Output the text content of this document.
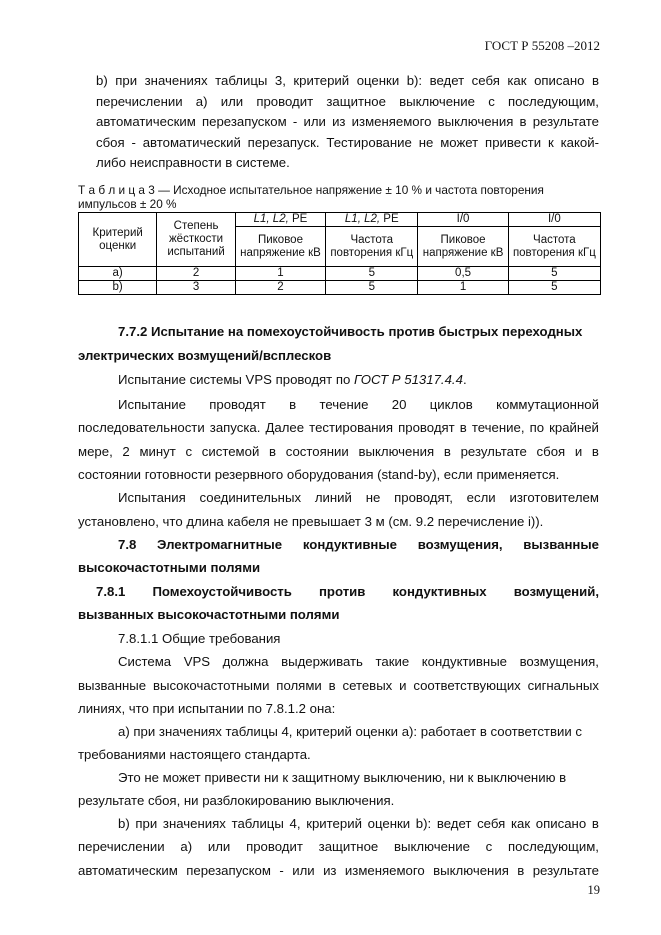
ГОСТ Р 55208 –2012
b) при значениях таблицы 3, критерий оценки b): ведет себя как описано в
перечислении а) или проводит защитное выключение с последующим,
автоматическим перезапуском - или из изменяемого выключения в результате
сбоя - автоматический перезапуск. Тестирование не может привести к какой-
либо неисправности в системе.
Т а б л и ц а 3 — Исходное испытательное напряжение ± 10 % и частота повторения
импульсов ± 20 %
Критерий оценки	Степень жёсткости испытаний	L1, L2, PE	L1, L2, PE	I/0	I/0
		Пиковое напряжение кВ	Частота повторения кГц	Пиковое напряжение кВ	Частота повторения кГц
а)	2	1	5	0,5	5
b)	3	2	5	1	5
7.7.2 Испытание на помехоустойчивость против быстрых переходных
электрических возмущений/всплесков
Испытание системы VPS проводят по ГОСТ Р 51317.4.4.
Испытание проводят в течение 20 циклов коммутационной
последовательности запуска. Далее тестирования проводят в течение, по крайней
мере, 2 минут с системой в состоянии выключения в результате сбоя и в
состоянии готовности резервного оборудования (stand-by), если применяется.
Испытания соединительных линий не проводят, если изготовителем
установлено, что длина кабеля не превышает 3 м (см. 9.2 перечисление i)).
7.8 Электромагнитные кондуктивные возмущения, вызванные
высокочастотными полями
7.8.1 Помехоустойчивость против кондуктивных возмущений,
вызванных высокочастотными полями
7.8.1.1 Общие требования
Система VPS должна выдерживать такие кондуктивные возмущения,
вызванные высокочастотными полями в сетевых и соответствующих сигнальных
линиях, что при испытании по 7.8.1.2 она:
а) при значениях таблицы 4, критерий оценки а): работает в соответствии с
требованиями настоящего стандарта.
Это не может привести ни к защитному выключению, ни к выключению в
результате сбоя, ни разблокированию выключения.
b) при значениях таблицы 4, критерий оценки b): ведет себя как описано в
перечислении а) или проводит защитное выключение с последующим,
автоматическим перезапуском - или из изменяемого выключения в результате
19
